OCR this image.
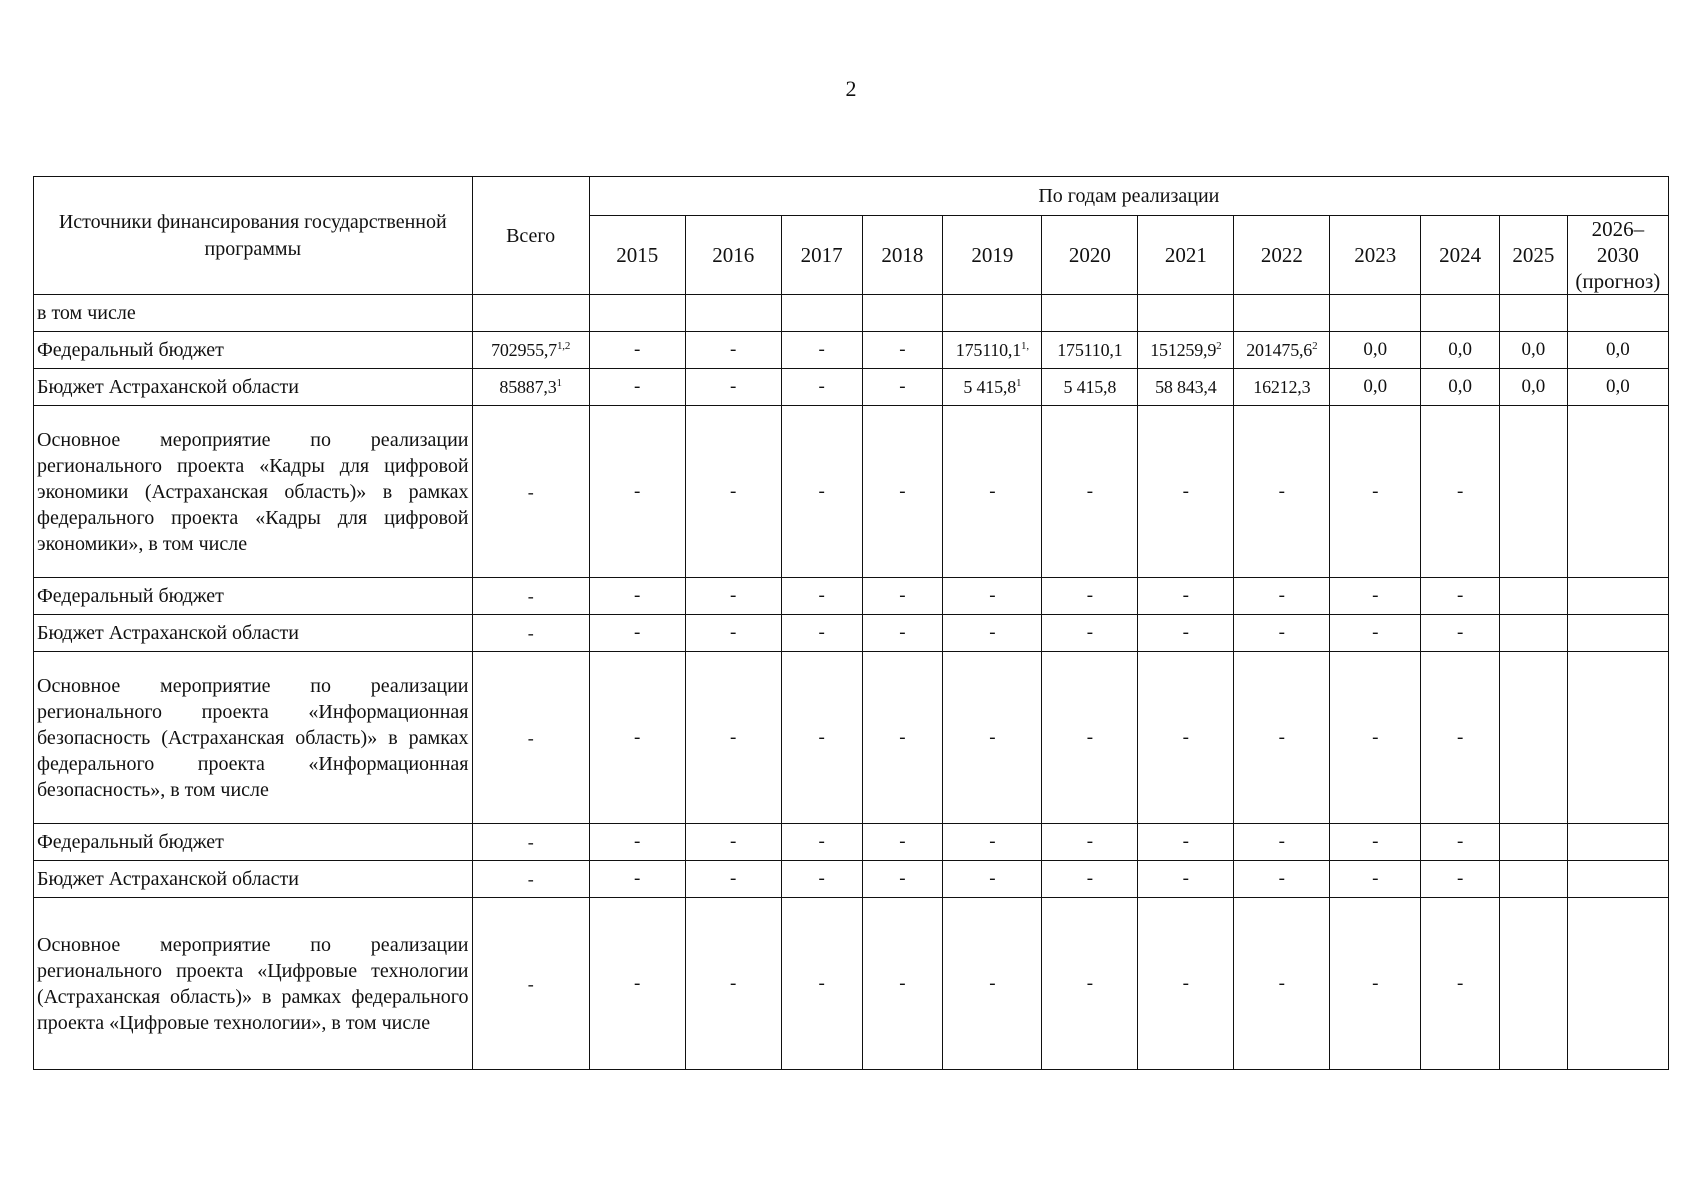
2
Источники финансирования государственной программы	Всего	По годам реализации											
		2015	2016	2017	2018	2019	2020	2021	2022	2023	2024	2025	2026–2030 (прогноз)
в том числе													
Федеральный бюджет	702955,7$^{1,2}$	-	-	-	-	$175110,1^{1,}$	175110,1	151259,9$^2$	201475,6$^2$	0,0	0,0	0,0	0,0
Бюджет Астраханской области	85887,3$^1$	-	-	-	-	5 415,8$^1$	5 415,8	58 843,4	16212,3	0,0	0,0	0,0	0,0
Основное мероприятие по реализации регионального проекта «Кадры для цифровой экономики (Астраханская область)» в рамках федерального проекта «Кадры для цифровой экономики», в том числе	-	-	-	-	-	-	-	-	-	-	-		
Федеральный бюджет	-	-	-	-	-	-	-	-	-	-	-		
Бюджет Астраханской области	-	-	-	-	-	-	-	-	-	-	-		
Основное мероприятие по реализации регионального проекта «Информационная безопасность (Астраханская область)» в рамках федерального проекта «Информационная безопасность», в том числе	-	-	-	-	-	-	-	-	-	-	-		
Федеральный бюджет	-	-	-	-	-	-	-	-	-	-	-		
Бюджет Астраханской области	-	-	-	-	-	-	-	-	-	-	-		
Основное мероприятие по реализации регионального проекта «Цифровые технологии (Астраханская область)» в рамках федерального проекта «Цифровые технологии», в том числе	-	-	-	-	-	-	-	-	-	-	-		
